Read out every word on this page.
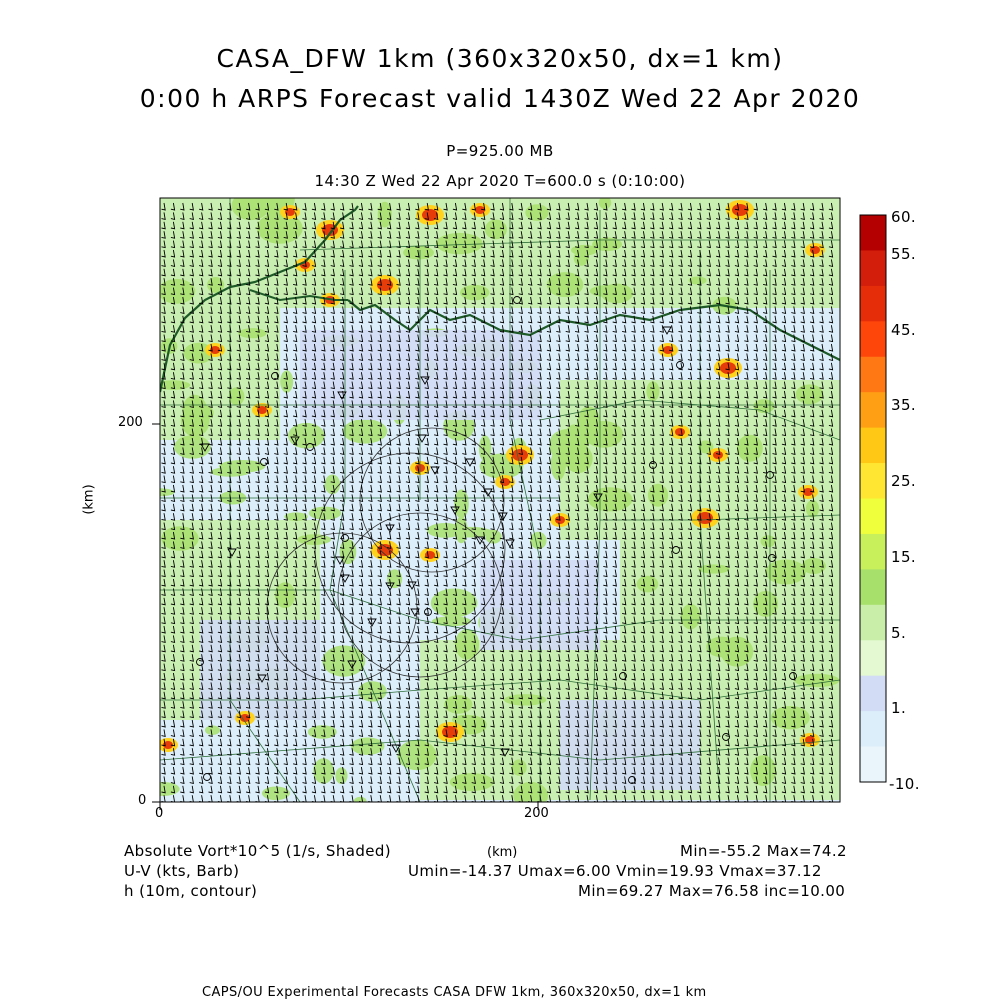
CASA_DFW 1km (360x320x50, dx=1 km)
0:00 h ARPS Forecast valid 1430Z Wed 22 Apr 2020
P=925.00 MB
14:30 Z Wed 22 Apr 2020 T=600.0 s (0:10:00)
0	200
0
200
(km)
Absolute Vort*10^5 (1/s, Shaded)	(km)	Min=-55.2 Max=74.2
U-V (kts, Barb)	Umin=-14.37 Umax=6.00 Vmin=19.93 Vmax=37.12
h (10m, contour)	Min=69.27 Max=76.58 inc=10.00
60.
55.
45.
35.
25.
15.
5.
1.
-10.
CAPS/OU Experimental Forecasts CASA DFW 1km, 360x320x50, dx=1 km
